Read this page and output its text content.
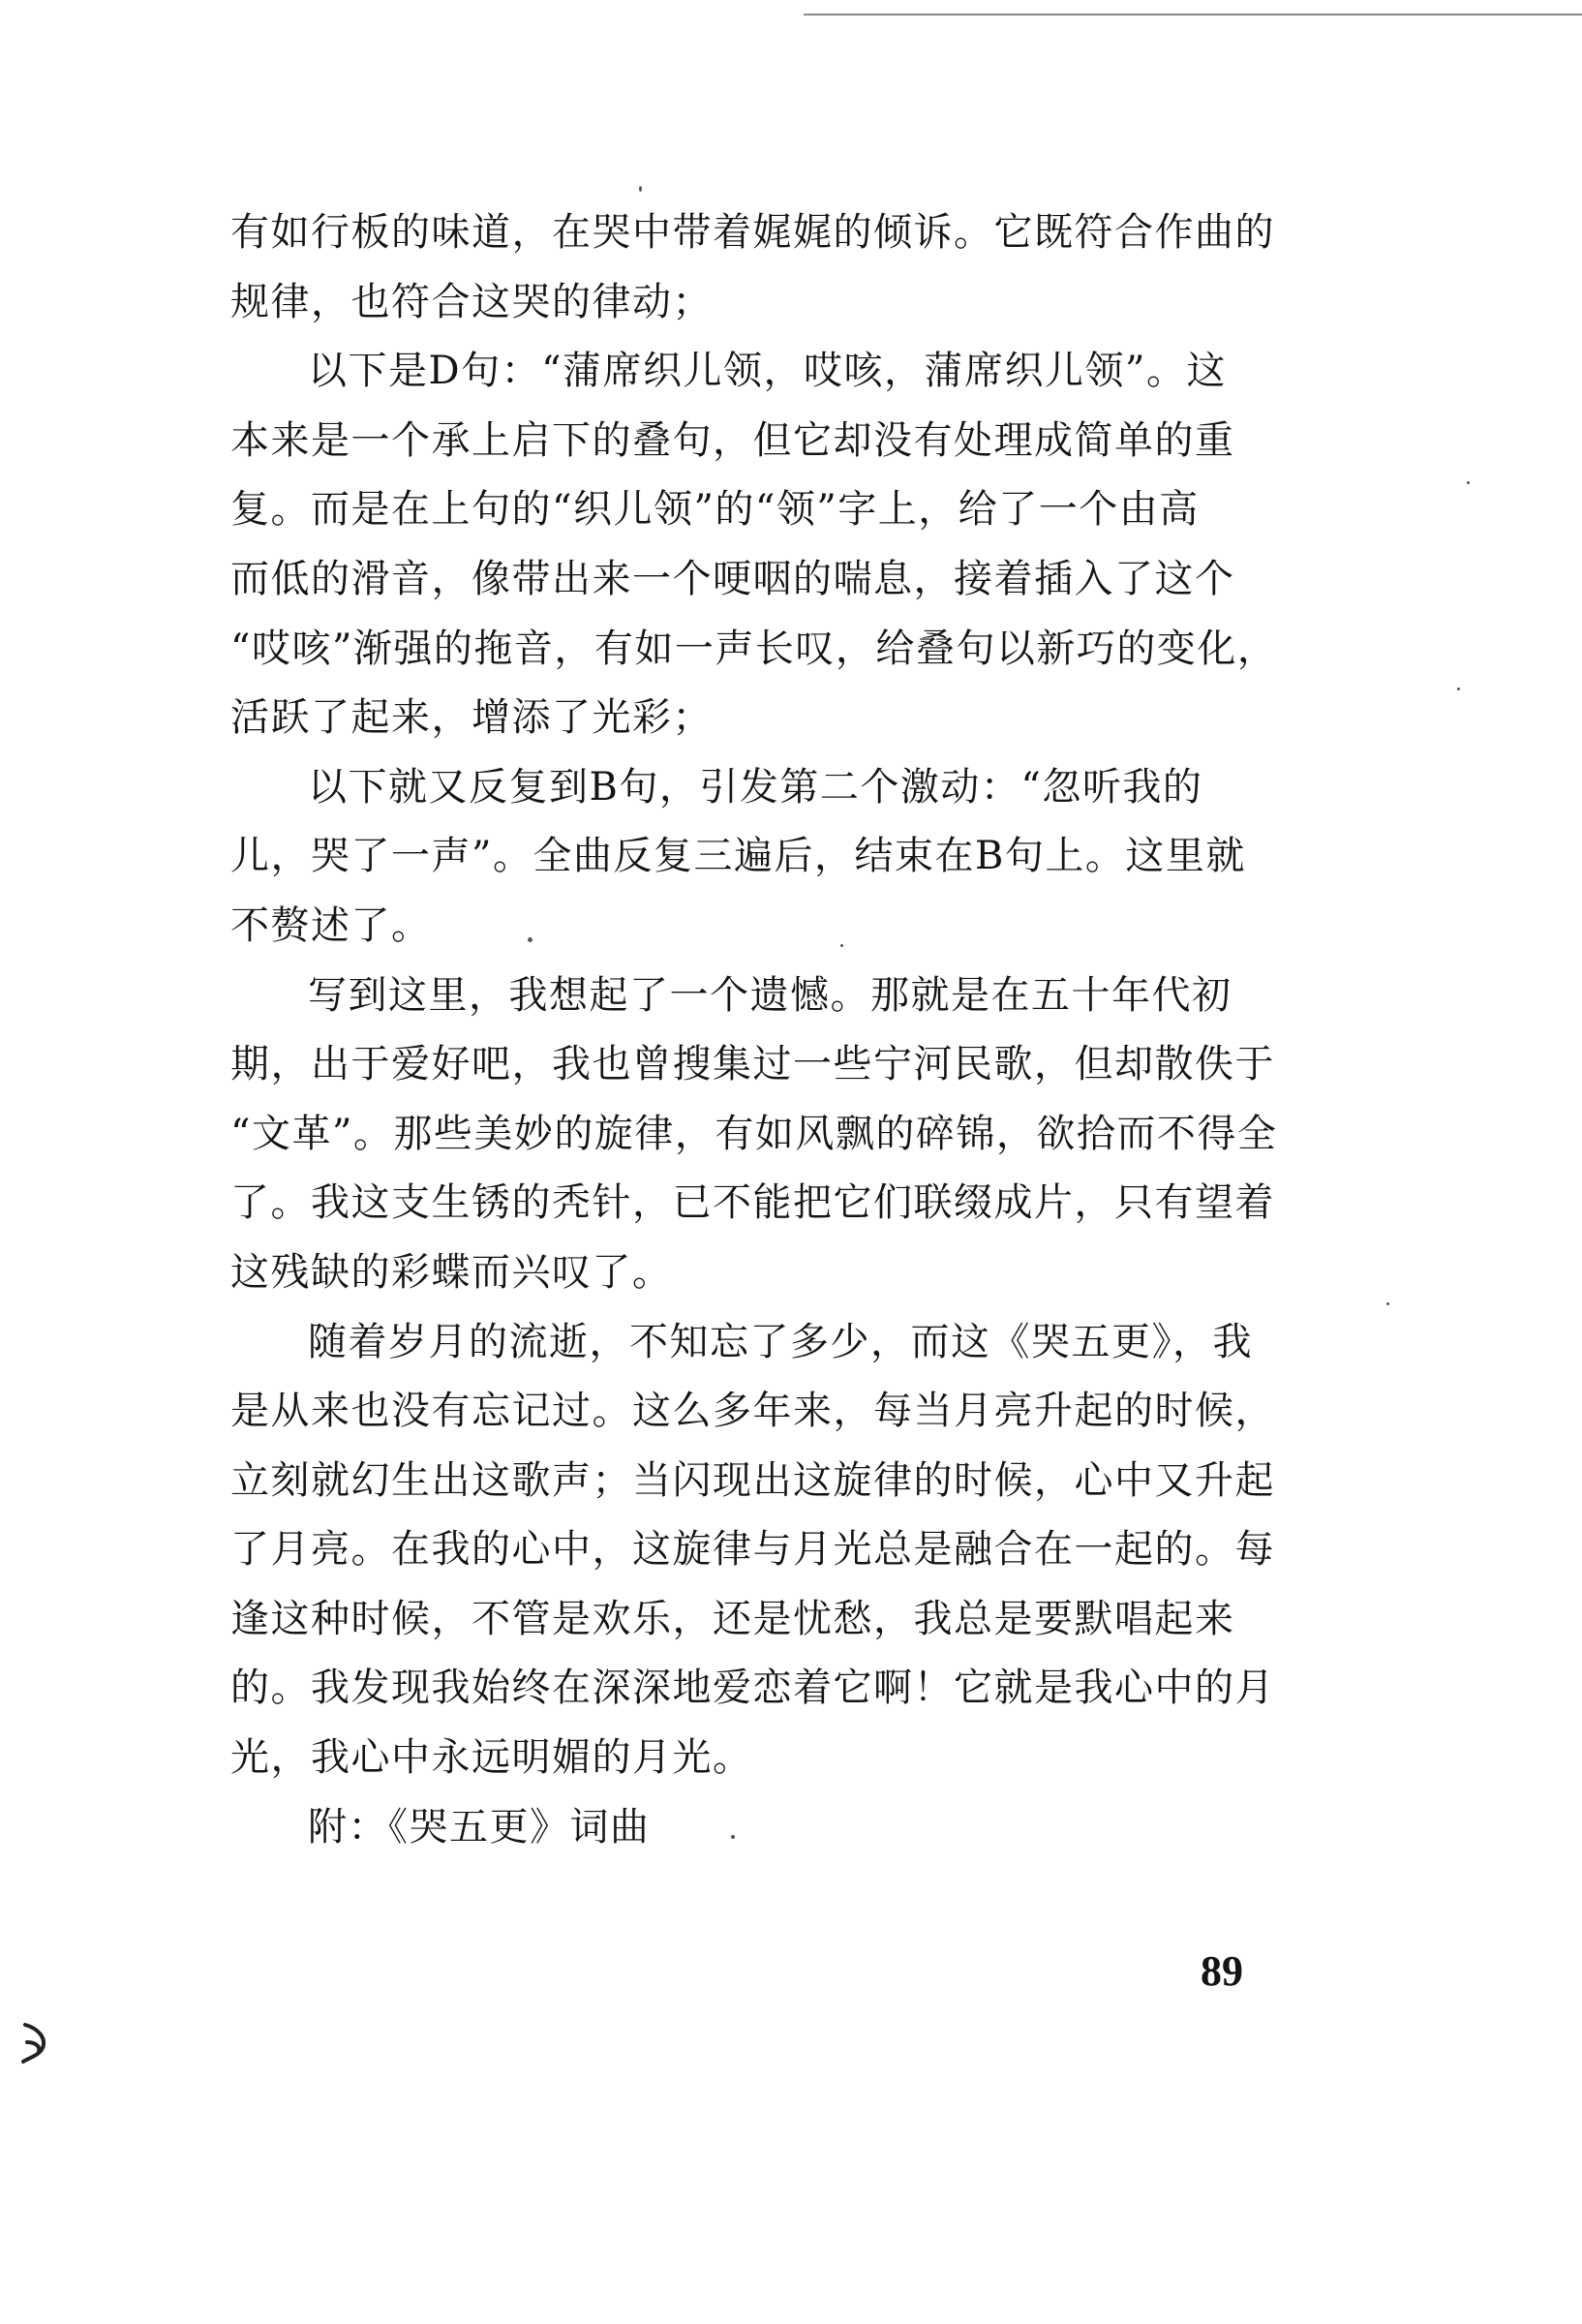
有如行板的味道，在哭中带着娓娓的倾诉。它既符合作曲的
规律，也符合这哭的律动；

以下是D句：“蒲席织儿领，哎咳，蒲席织儿领”。这
本来是一个承上启下的叠句，但它却没有处理成简单的重
复。而是在上句的“织儿领”的“领”字上，给了一个由高
而低的滑音，像带出来一个哽咽的喘息，接着插入了这个
“哎咳”渐强的拖音，有如一声长叹，给叠句以新巧的变化，
活跃了起来，增添了光彩；

以下就又反复到B句，引发第二个激动：“忽听我的
儿，哭了一声”。全曲反复三遍后，结束在B句上。这里就
不赘述了。

写到这里，我想起了一个遗憾。那就是在五十年代初
期，出于爱好吧，我也曾搜集过一些宁河民歌，但却散佚于
“文革”。那些美妙的旋律，有如风飘的碎锦，欲拾而不得全
了。我这支生锈的秃针，已不能把它们联缀成片，只有望着
这残缺的彩蝶而兴叹了。

随着岁月的流逝，不知忘了多少，而这《哭五更》，我
是从来也没有忘记过。这么多年来，每当月亮升起的时候，
立刻就幻生出这歌声；当闪现出这旋律的时候，心中又升起
了月亮。在我的心中，这旋律与月光总是融合在一起的。每
逢这种时候，不管是欢乐，还是忧愁，我总是要默唱起来
的。我发现我始终在深深地爱恋着它啊！它就是我心中的月
光，我心中永远明媚的月光。

附：《哭五更》词曲

89
